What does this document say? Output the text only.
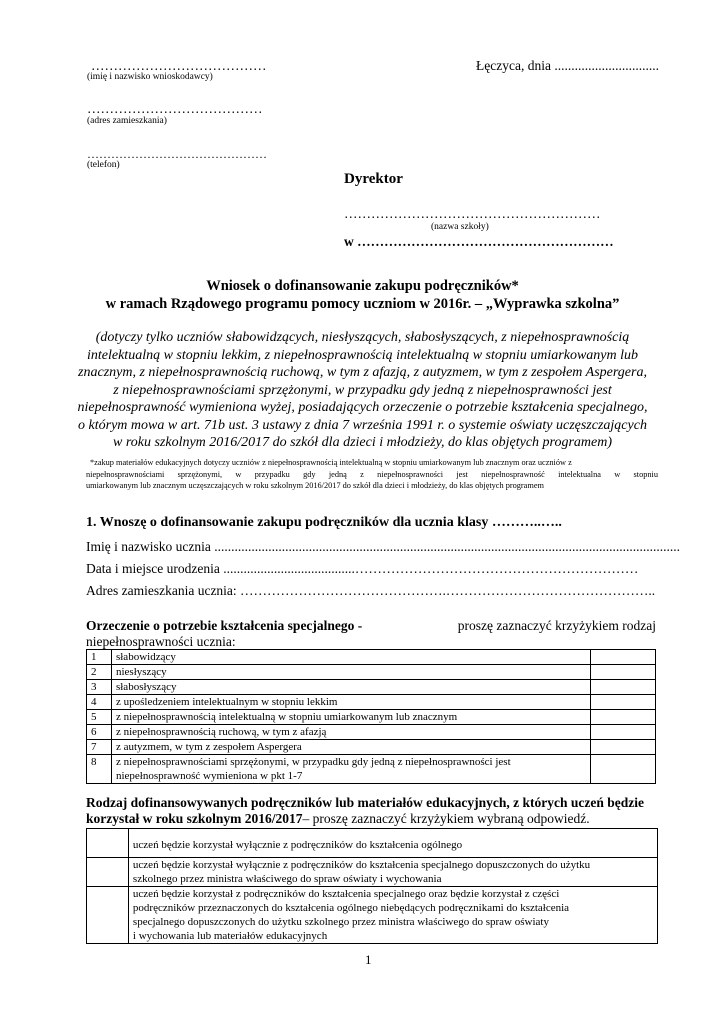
…………………………………
(imię i nazwisko wnioskodawcy)
Łęczyca, dnia ...............................
…………………………………
(adres zamieszkania)
………………………………………
(telefon)
Dyrektor
…………………………………………………
(nazwa szkoły)
w …………………………………………………
Wniosek o dofinansowanie zakupu podręczników*
w ramach Rządowego programu pomocy uczniom w 2016r. – „Wyprawka szkolna”
(dotyczy tylko uczniów słabowidzących, niesłyszących, słabosłyszących, z niepełnosprawnością
intelektualną w stopniu lekkim, z niepełnosprawnością intelektualną w stopniu umiarkowanym lub
znacznym, z niepełnosprawnością ruchową, w tym z afazją, z autyzmem, w tym z zespołem Aspergera,
z niepełnosprawnościami sprzężonymi, w przypadku gdy jedną z niepełnosprawności jest
niepełnosprawność wymieniona wyżej, posiadających orzeczenie o potrzebie kształcenia specjalnego,
o którym mowa w art. 71b ust. 3 ustawy z dnia 7 września 1991 r. o systemie oświaty uczęszczających
w roku szkolnym 2016/2017 do szkół dla dzieci i młodzieży, do klas objętych programem)
*zakup materiałów edukacyjnych dotyczy uczniów z niepełnosprawnością intelektualną w stopniu umiarkowanym lub znacznym oraz uczniów z
niepełnosprawnościami sprzężonymi, w przypadku gdy jedną z niepełnosprawności jest niepełnosprawność intelektualna w stopniu
umiarkowanym lub znacznym uczęszczających w roku szkolnym 2016/2017 do szkół dla dzieci i młodzieży, do klas objętych programem
1. Wnoszę o dofinansowanie zakupu podręczników dla ucznia klasy ………..…..
Imię i nazwisko ucznia ..........................................................................................................................................
Data i miejsce urodzenia .......................................………………………………………………………
Adres zamieszkania ucznia: ……………………………………….………………………………………..
Orzeczenie o potrzebie kształcenia specjalnego -	proszę zaznaczyć krzyżykiem rodzaj
niepełnosprawności ucznia:
1	słabowidzący	
2	niesłyszący	
3	słabosłyszący	
4	z upośledzeniem intelektualnym w stopniu lekkim	
5	z niepełnosprawnością intelektualną w stopniu umiarkowanym lub znacznym	
6	z niepełnosprawnością ruchową, w tym z afazją	
7	z autyzmem, w tym z zespołem Aspergera	
8	z niepełnosprawnościami sprzężonymi, w przypadku gdy jedną z niepełnosprawności jest
niepełnosprawność wymieniona w pkt 1-7	

Rodzaj dofinansowywanych podręczników lub materiałów edukacyjnych, z których uczeń będzie
korzystał w roku szkolnym 2016/2017– proszę zaznaczyć krzyżykiem wybraną odpowiedź.
	uczeń będzie korzystał wyłącznie z podręczników do kształcenia ogólnego

	uczeń będzie korzystał wyłącznie z podręczników do kształcenia specjalnego dopuszczonych do użytku
szkolnego przez ministra właściwego do spraw oświaty i wychowania

	uczeń będzie korzystał z podręczników do kształcenia specjalnego oraz będzie korzystał z części
podręczników przeznaczonych do kształcenia ogólnego niebędących podręcznikami do kształcenia
specjalnego dopuszczonych do użytku szkolnego przez ministra właściwego do spraw oświaty
i wychowania lub materiałów edukacyjnych
1
